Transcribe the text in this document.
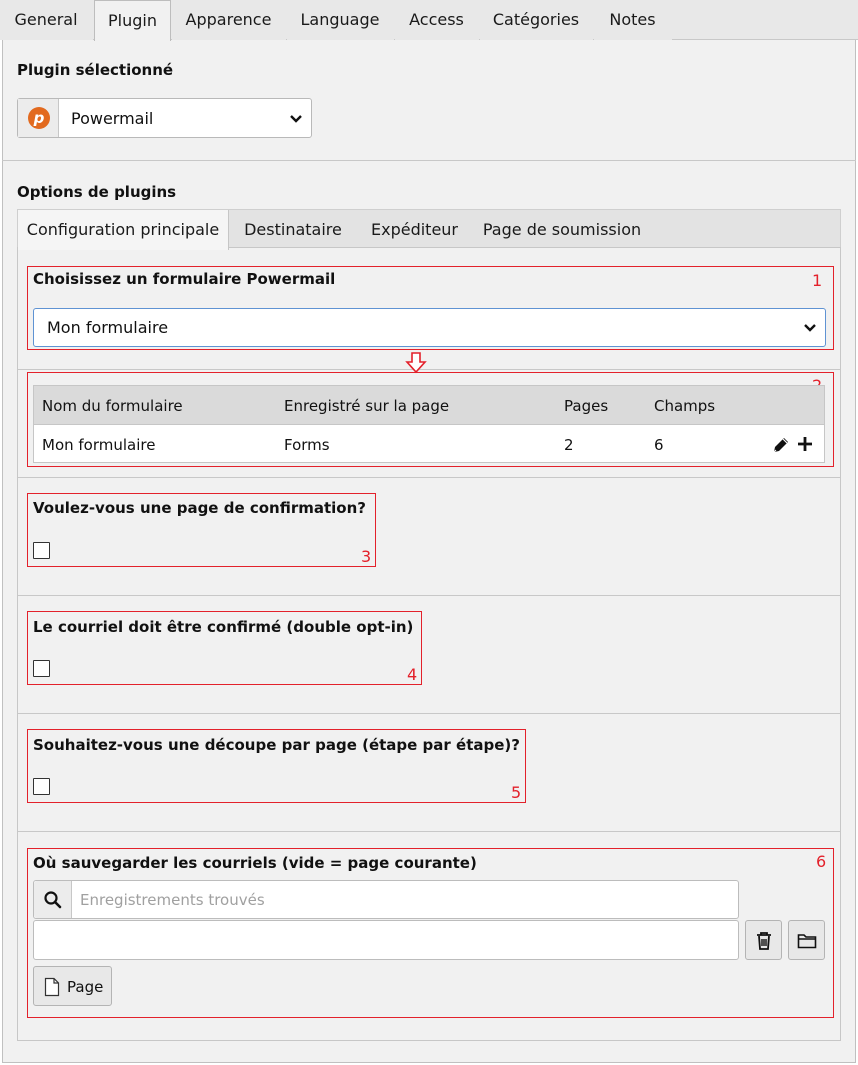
General	Plugin	Apparence	Language	Access	Catégories	Notes
Plugin sélectionné
p	Powermail
Options de plugins
Configuration principale	Destinataire	Expéditeur	Page de soumission
1
Choisissez un formulaire Powermail
Mon formulaire
Nom du formulaire	Enregistré sur la page	Pages	Champs
Mon formulaire	Forms	2	6
3
Voulez-vous une page de confirmation?
4
Le courriel doit être confirmé (double opt-in)
5
Souhaitez-vous une découpe par page (étape par étape)?
6
Où sauvegarder les courriels (vide = page courante)
Enregistrements trouvés
Page
